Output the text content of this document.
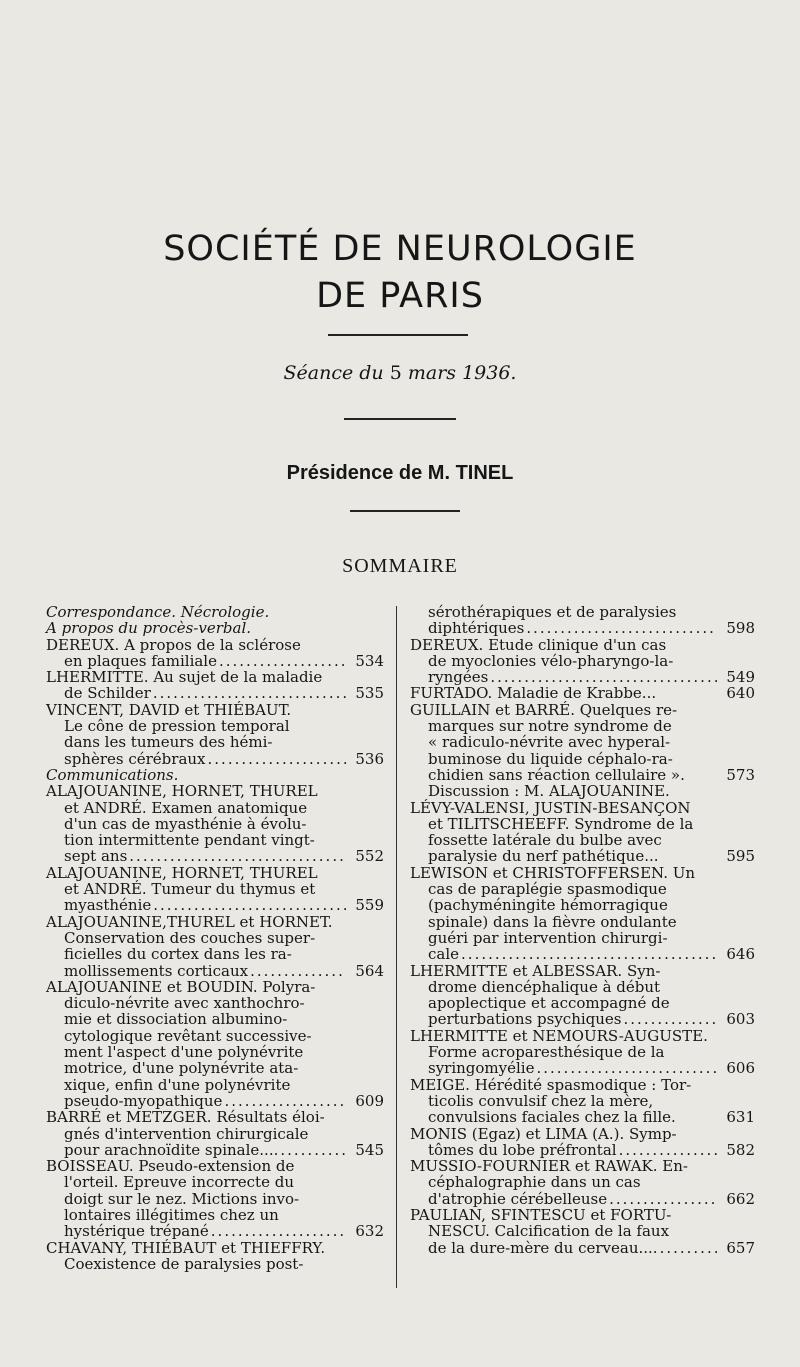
SOCIÉTÉ DE NEUROLOGIE
DE PARIS
Séance du 5 mars 1936.
Présidence de M. TINEL
SOMMAIRE
Correspondance. Nécrologie.
A propos du procès-verbal.
DEREUX. A propos de la sclérose
en plaques familiale .....	534
LHERMITTE. Au sujet de la maladie
de Schilder .....	535
VINCENT, DAVID et THIÉBAUT.
Le cône de pression temporal
dans les tumeurs des hémi-
sphères cérébraux .....	536
Communications.
ALAJOUANINE, HORNET, THUREL
et ANDRÉ. Examen anatomique
d'un cas de myasthénie à évolu-
tion intermittente pendant vingt-
sept ans .....	552
ALAJOUANINE, HORNET, THUREL
et ANDRÉ. Tumeur du thymus et
myasthénie .....	559
ALAJOUANINE,THUREL et HORNET.
Conservation des couches super-
ficielles du cortex dans les ra-
mollissements corticaux .....	564
ALAJOUANINE et BOUDIN. Polyra-
diculo-névrite avec xanthochro-
mie et dissociation albumino-
cytologique revêtant successive-
ment l'aspect d'une polynévrite
motrice, d'une polynévrite ata-
xique, enfin d'une polynévrite
pseudo-myopathique .....	609
BARRÉ et METZGER. Résultats éloi-
gnés d'intervention chirurgicale
pour arachnoïdite spinale.... .....	545
BOISSEAU. Pseudo-extension de
l'orteil. Epreuve incorrecte du
doigt sur le nez. Mictions invo-
lontaires illégitimes chez un
hystérique trépané .....	632
CHAVANY, THIÉBAUT et THIEFFRY.
Coexistence de paralysies post-
sérothérapiques et de paralysies
diphtériques .....	598
DEREUX. Etude clinique d'un cas
de myoclonies vélo-pharyngo-la-
ryngées .....	549
FURTADO. Maladie de Krabbe...	640
GUILLAIN et BARRÉ. Quelques re-
marques sur notre syndrome de
« radiculo-névrite avec hyperal-
buminose du liquide céphalo-ra-
chidien sans réaction cellulaire ».	573
Discussion : M. ALAJOUANINE.
LÉVY-VALENSI, JUSTIN-BESANÇON
et TILITSCHEEFF. Syndrome de la
fossette latérale du bulbe avec
paralysie du nerf pathétique...	595
LEWISON et CHRISTOFFERSEN. Un
cas de paraplégie spasmodique
(pachyméningite hémorragique
spinale) dans la fièvre ondulante
guéri par intervention chirurgi-
cale .....	646
LHERMITTE et ALBESSAR. Syn-
drome diencéphalique à début
apoplectique et accompagné de
perturbations psychiques .....	603
LHERMITTE et NEMOURS-AUGUSTE.
Forme acroparesthésique de la
syringomyélie .....	606
MEIGE. Hérédité spasmodique : Tor-
ticolis convulsif chez la mère,
convulsions faciales chez la fille.	631
MONIS (Egaz) et LIMA (A.). Symp-
tômes du lobe préfrontal .....	582
MUSSIO-FOURNIER et RAWAK. En-
céphalographie dans un cas
d'atrophie cérébelleuse .....	662
PAULIAN, SFINTESCU et FORTU-
NESCU. Calcification de la faux
de la dure-mère du cerveau.... .....	657
